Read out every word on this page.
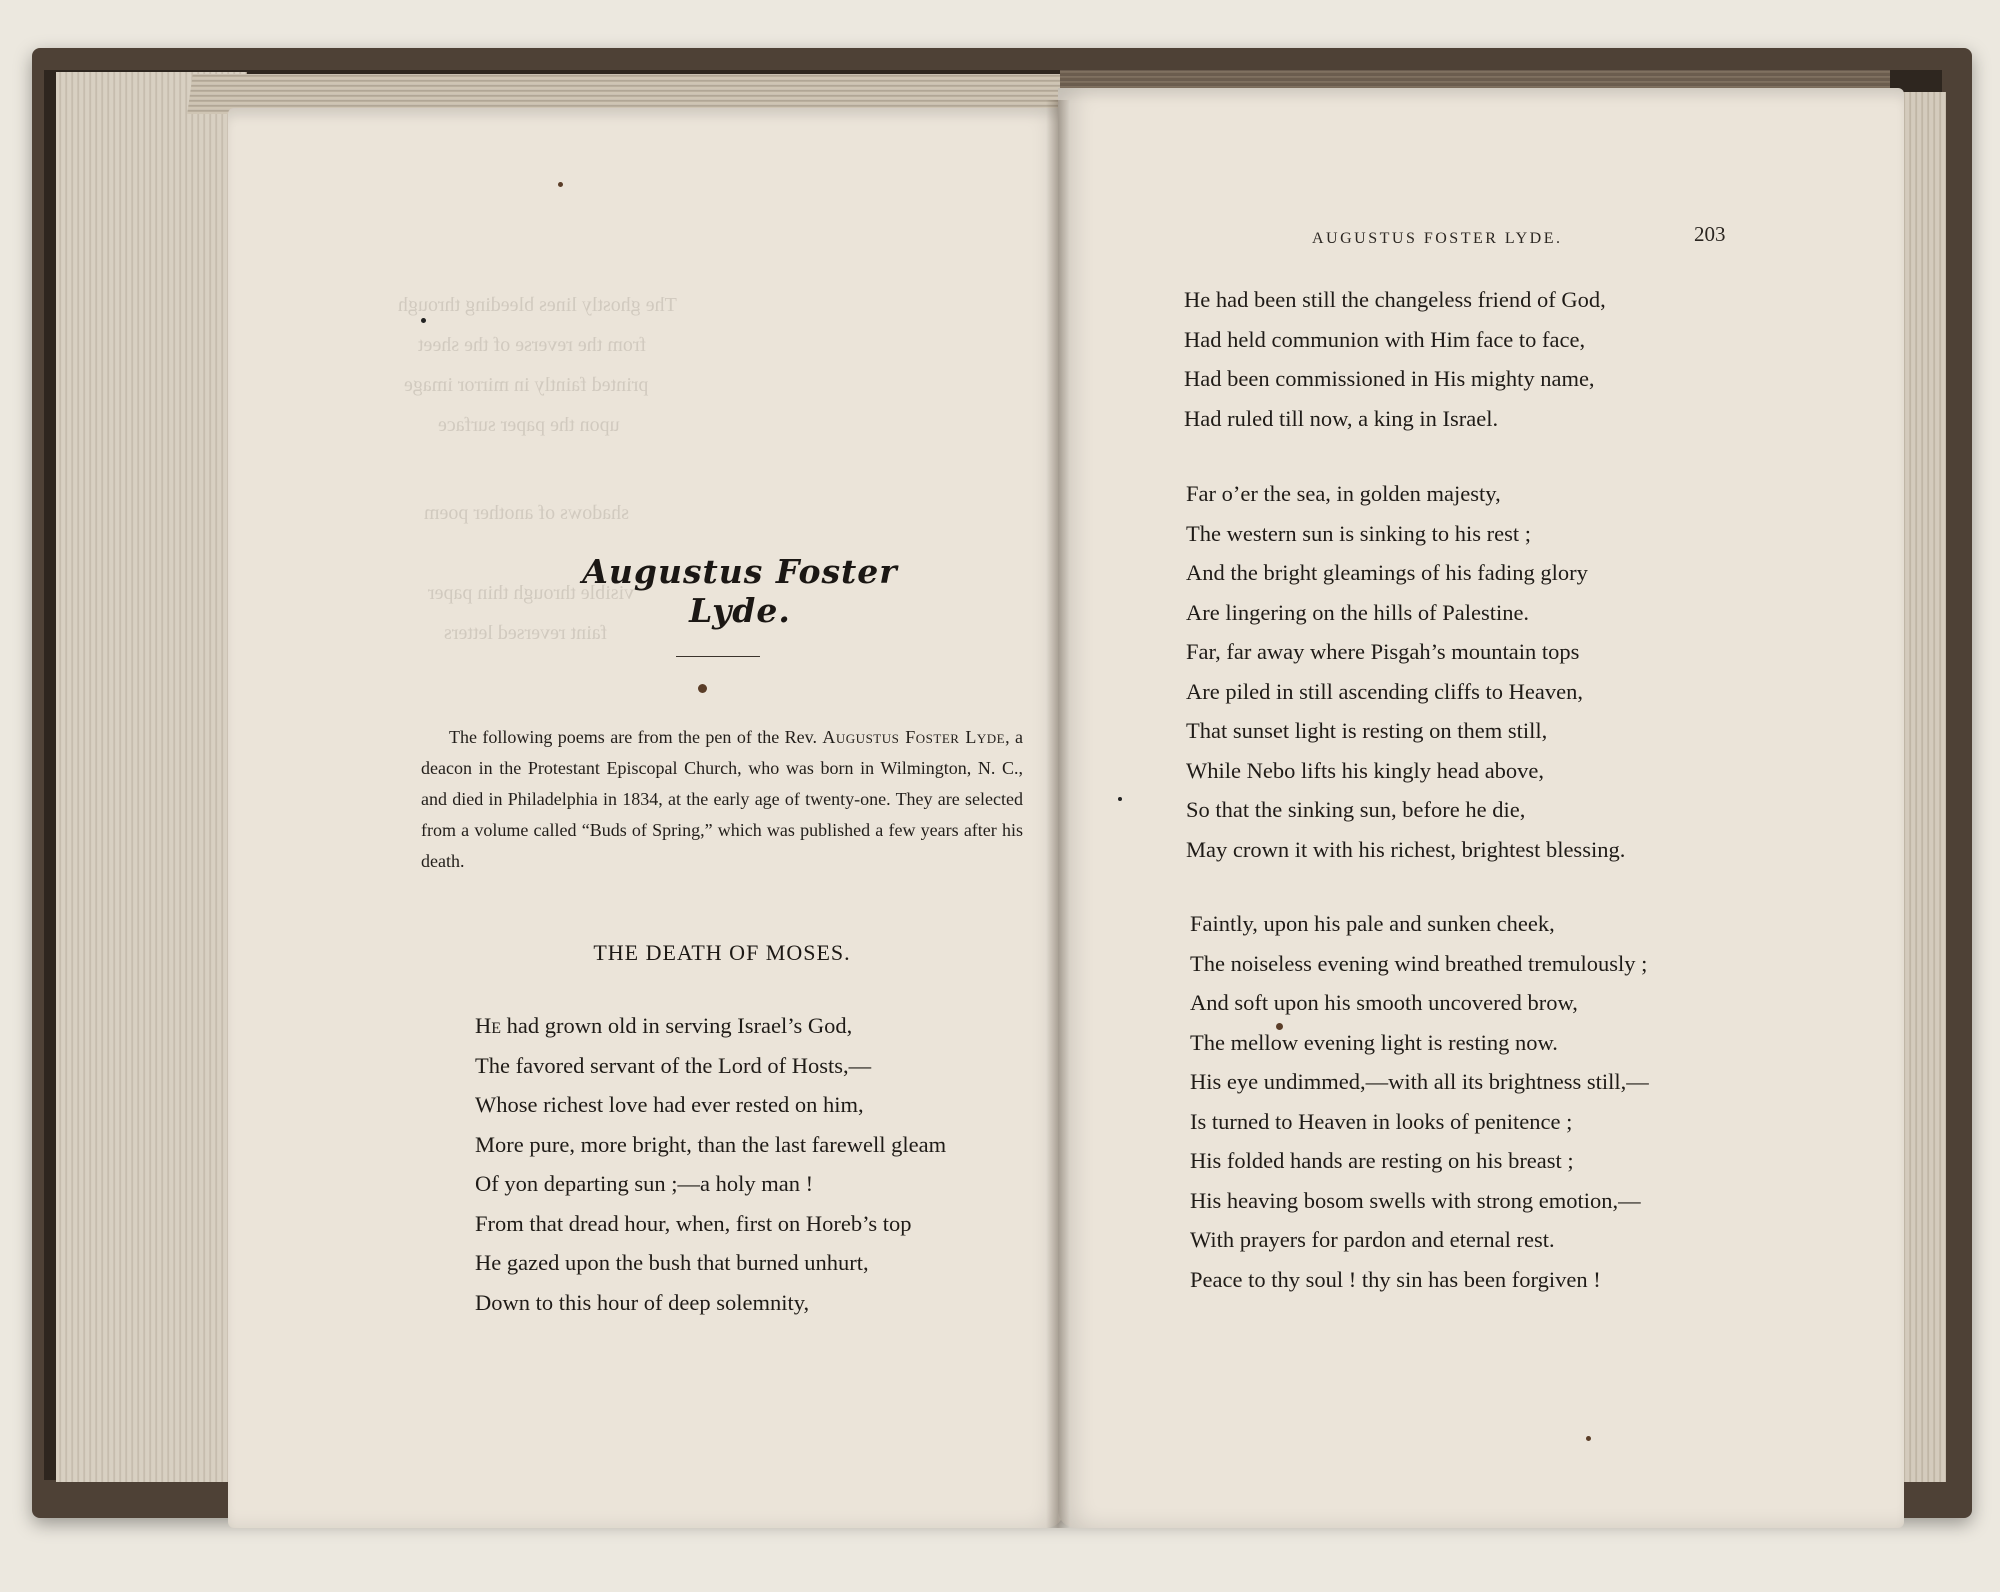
The ghostly lines bleeding through
from the reverse of the sheet
printed faintly in mirror image
upon the paper surface
shadows of another poem
visible through thin paper
faint reversed letters
Augustus Foster Lyde.

The following poems are from the pen of the Rev. Augustus Foster Lyde, a deacon in the Protestant Episcopal Church, who was born in Wilmington, N. C., and died in Philadelphia in 1834, at the early age of twenty-one. They are selected from a volume called “Buds of Spring,” which was published a few years after his death.

THE DEATH OF MOSES.
He had grown old in serving Israel’s God,
The favored servant of the Lord of Hosts,—
Whose richest love had ever rested on him,
More pure, more bright, than the last farewell gleam
Of yon departing sun ;—a holy man !
From that dread hour, when, first on Horeb’s top
He gazed upon the bush that burned unhurt,
Down to this hour of deep solemnity,
AUGUSTUS FOSTER LYDE.	203
He had been still the changeless friend of God,
Had held communion with Him face to face,
Had been commissioned in His mighty name,
Had ruled till now, a king in Israel.
Far o’er the sea, in golden majesty,
The western sun is sinking to his rest ;
And the bright gleamings of his fading glory
Are lingering on the hills of Palestine.
Far, far away where Pisgah’s mountain tops
Are piled in still ascending cliffs to Heaven,
That sunset light is resting on them still,
While Nebo lifts his kingly head above,
So that the sinking sun, before he die,
May crown it with his richest, brightest blessing.
Faintly, upon his pale and sunken cheek,
The noiseless evening wind breathed tremulously ;
And soft upon his smooth uncovered brow,
The mellow evening light is resting now.
His eye undimmed,—with all its brightness still,—
Is turned to Heaven in looks of penitence ;
His folded hands are resting on his breast ;
His heaving bosom swells with strong emotion,—
With prayers for pardon and eternal rest.
Peace to thy soul ! thy sin has been forgiven !
